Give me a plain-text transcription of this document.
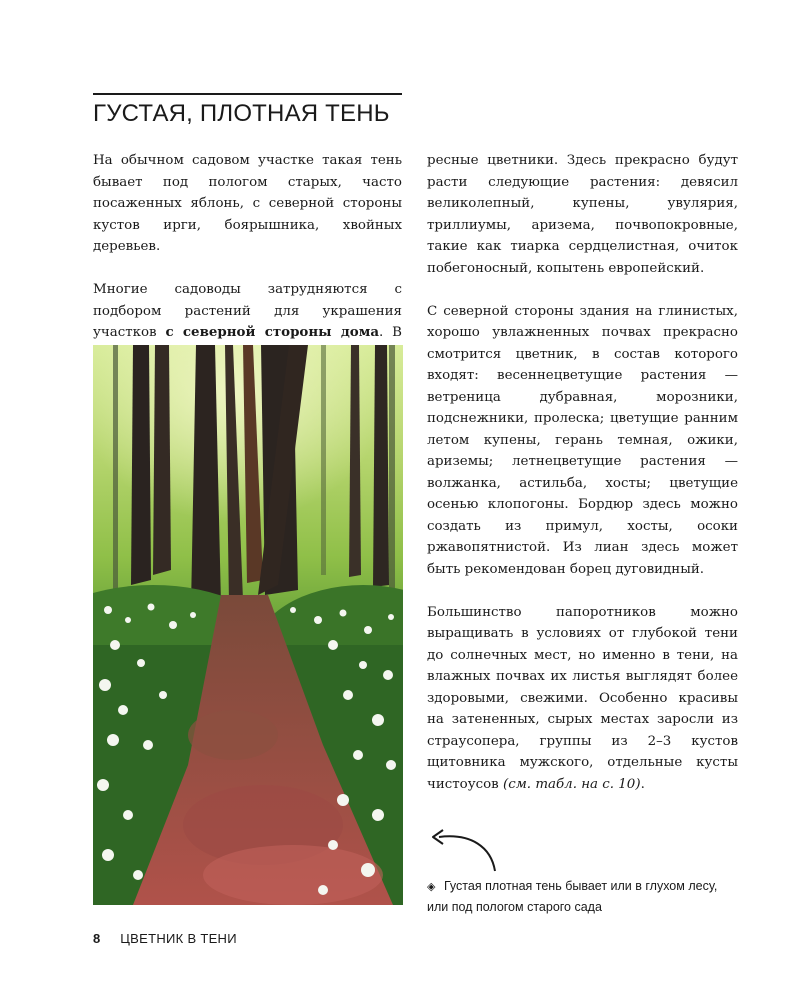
ГУСТАЯ, ПЛОТНАЯ ТЕНЬ

На обычном садовом участке такая тень бывает под пологом старых, часто посаженных яблонь, с северной стороны кустов ирги, боярышника, хвойных деревьев.

Многие садоводы затрудняются с подбором растений для украшения участков с северной стороны дома. В

ресные цветники. Здесь прекрасно будут расти следующие растения: девясил великолепный, купены, увулярия, триллиумы, аризема, почвопокровные, такие как тиарка сердцелистная, очиток побегоносный, копытень европейский.

С северной стороны здания на глинистых, хорошо увлажненных почвах прекрасно смотрится цветник, в состав которого входят: весеннецветущие растения — ветреница дубравная, морозники, подснежники, пролеска; цветущие ранним летом купены, герань темная, ожики, ариземы; летнецветущие растения — волжанка, астильба, хосты; цветущие осенью клопогоны. Бордюр здесь можно создать из примул, хосты, осоки ржавопятнистой. Из лиан здесь может быть рекомендован борец дуговидный.

Большинство папоротников можно выращивать в условиях от глубокой тени до солнечных мест, но именно в тени, на влажных почвах их листья выглядят более здоровыми, свежими. Особенно красивы на затененных, сырых местах заросли из страусопера, группы из 2–3 кустов щитовника мужского, отдельные кусты чистоусов (см. табл. на с. 10).

◈ Густая плотная тень бывает или в глухом лесу,
или под пологом старого сада
8 ЦВЕТНИК В ТЕНИ
